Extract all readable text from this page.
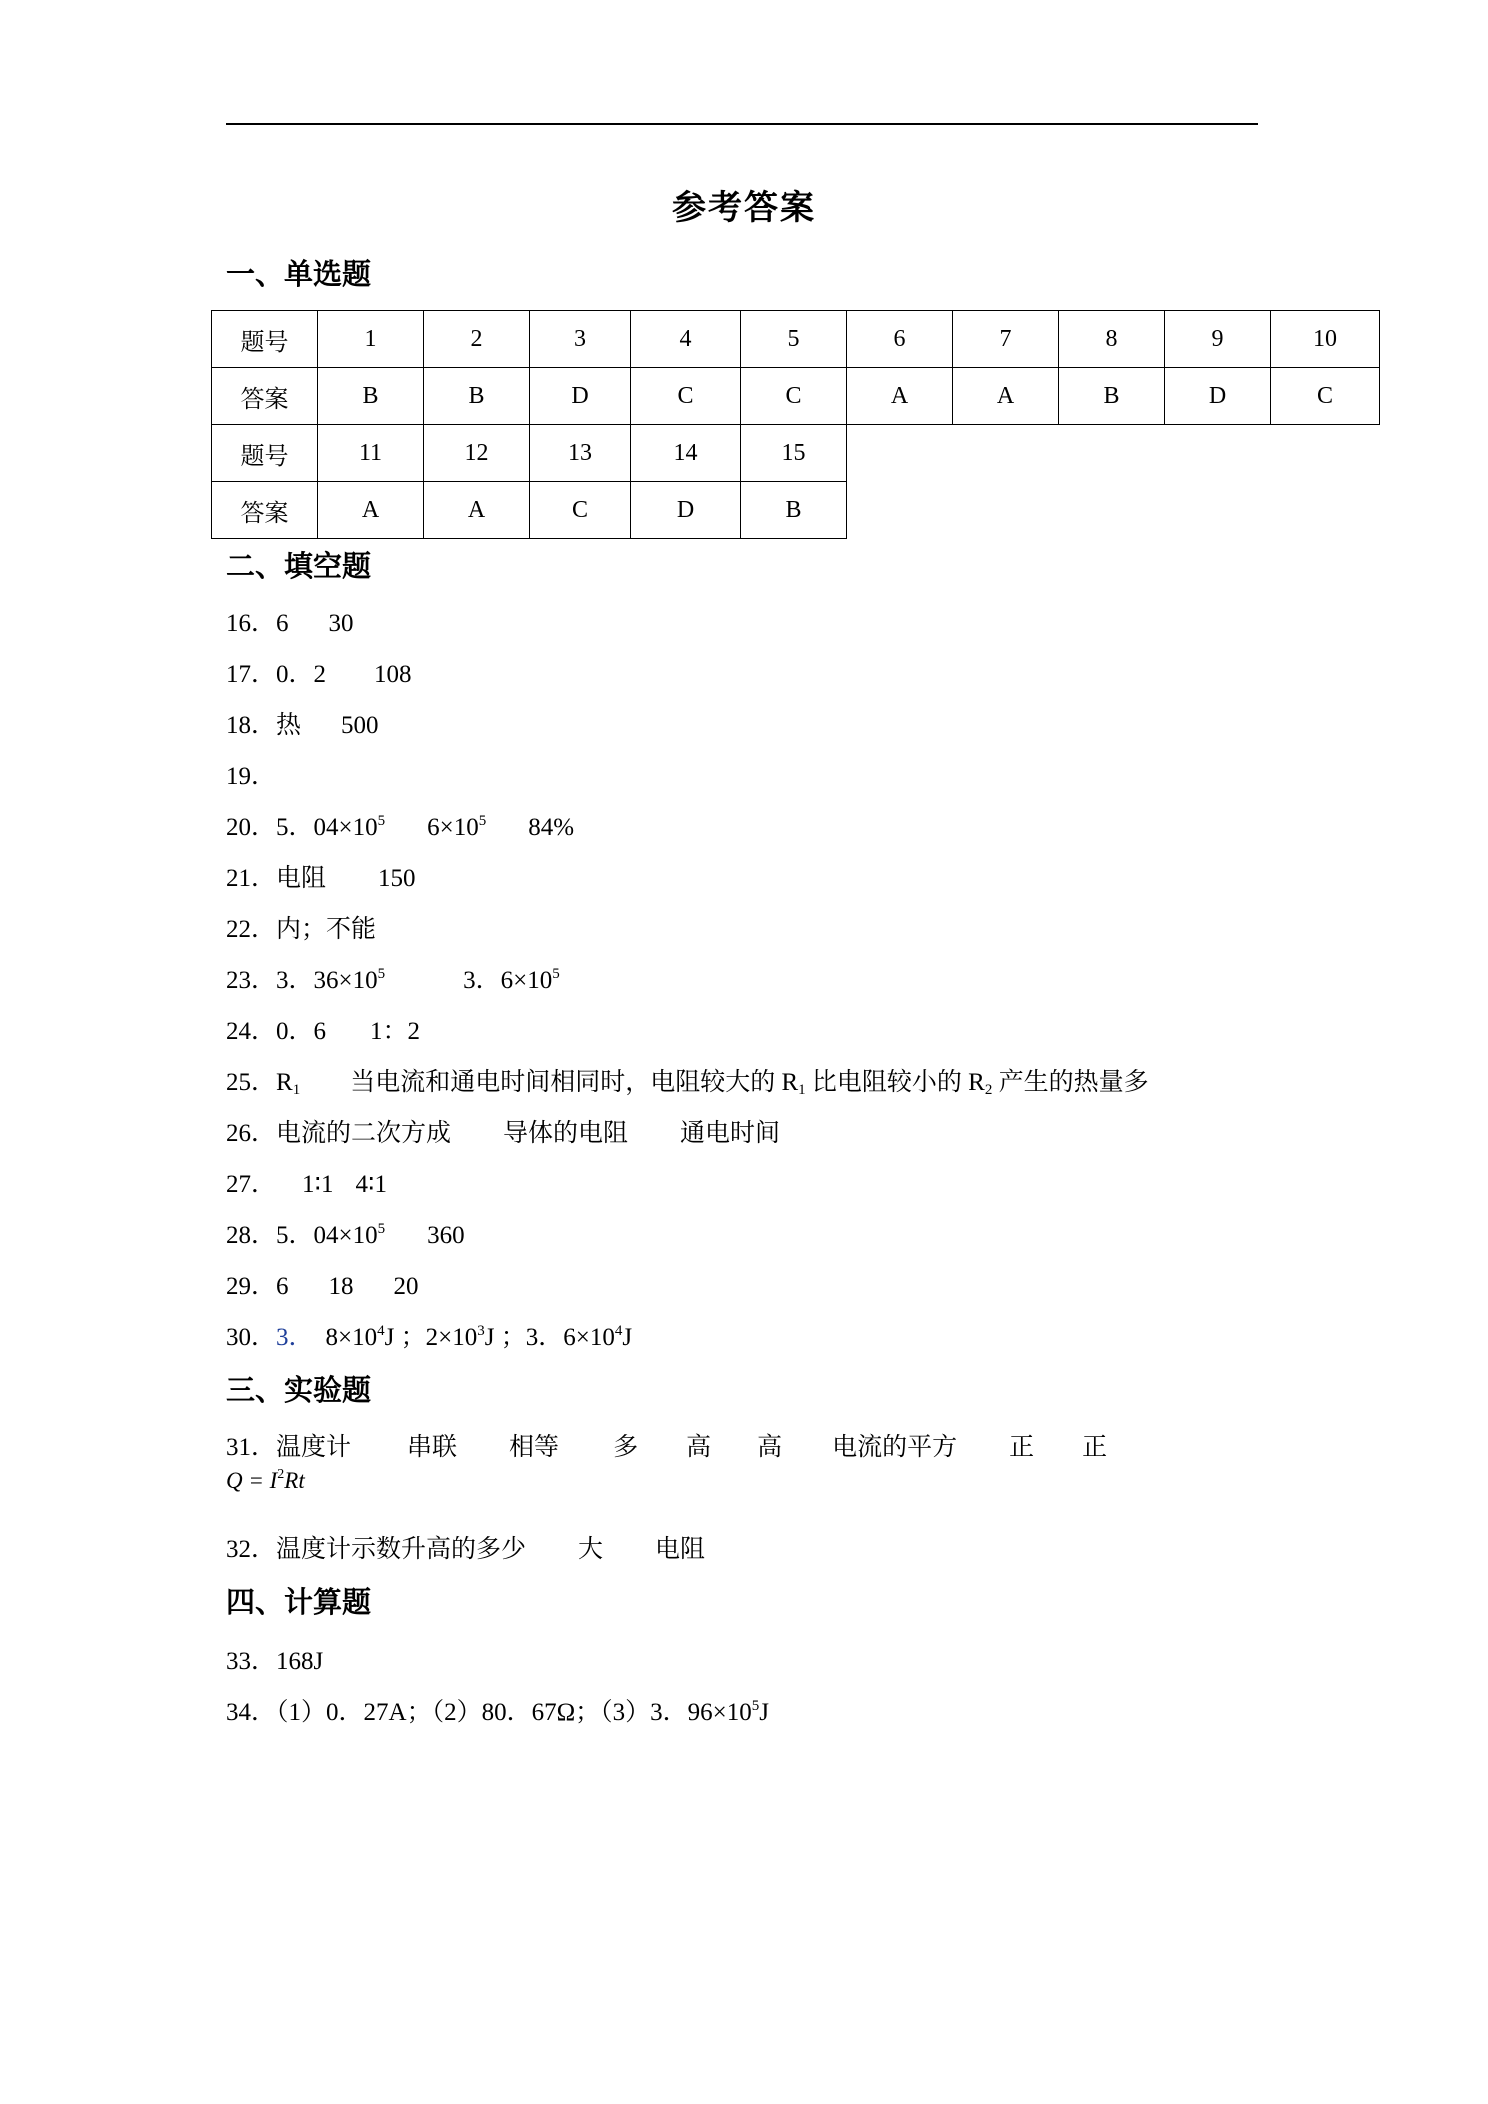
参考答案
一、单选题
题号	1	2	3	4	5	6	7	8	9	10
答案	B	B	D	C	C	A	A	B	D	C
题号	11	12	13	14	15					
答案	A	A	C	D	B					
二、填空题
16．6 30
17．0．2 108
18．热 500
19．
20．5．$04\times 10^5$ $6\times 10^5$ 84%
21．电阻 150
22．内；不能
23．3．$36\times 10^5$	3．$6\times 10^5$
24．0．6 1：2
25．$R_1$ 当电流和通电时间相同时，电阻较大的 $R_1$ 比电阻较小的 $R_2$ 产生的热量多
26．电流的二次方成 导体的电阻 通电时间
27． 1∶1 4∶1
28．5．$04\times 10^5$ 360
29．6 18 20
30．3． $8\times 10^4J$ ；$2\times 10^3J$ ；3．$6\times 10^4J$
三、实验题
31．温度计 串联 相等 多 高 高 电流的平方 正 正
$Q = I^2Rt$
32．温度计示数升高的多少 大 电阻
四、计算题
33．168J
34．（1）0．27A；（2）80．67Ω；（3）3．$96\times 10^5J$
